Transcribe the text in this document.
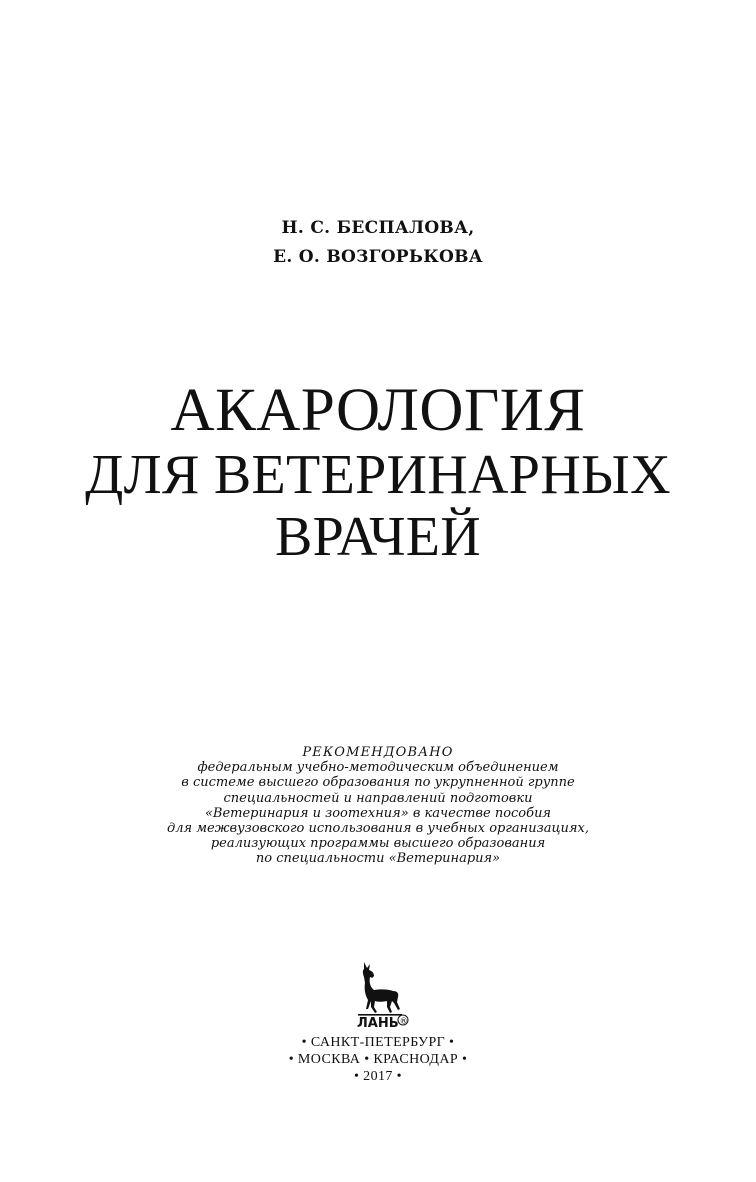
Н. С. БЕСПАЛОВА,
Е. О. ВОЗГОРЬКОВА
АКАРОЛОГИЯ
ДЛЯ ВЕТЕРИНАРНЫХ
ВРАЧЕЙ
РЕКОМЕНДОВАНО
федеральным учебно-методическим объединением
в системе высшего образования по укрупненной группе
специальностей и направлений подготовки
«Ветеринария и зоотехния» в качестве пособия
для межвузовского использования в учебных организациях,
реализующих программы высшего образования
по специальности «Ветеринария»
ЛАНЬ ®
• САНКТ-ПЕТЕРБУРГ •
• МОСКВА • КРАСНОДАР •
• 2017 •
